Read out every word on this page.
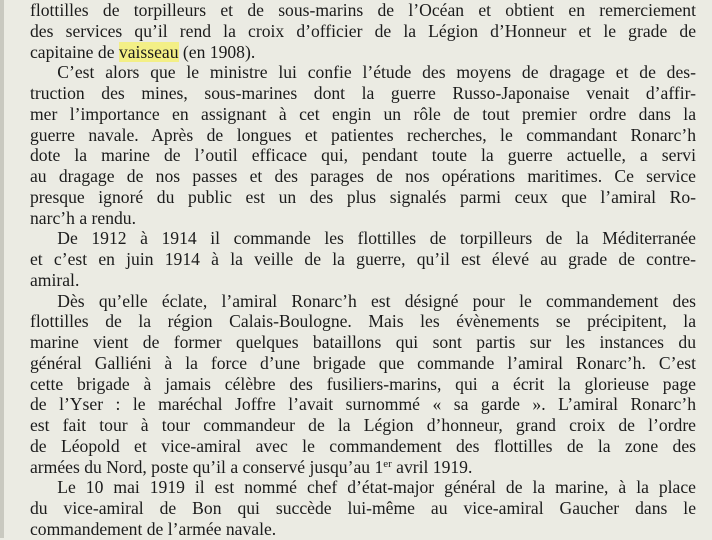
flottilles de torpilleurs et de sous-marins de l’Océan et obtient en remerciement
des services qu’il rend la croix d’officier de la Légion d’Honneur et le grade de
capitaine de vaisseau (en 1908).

C’est alors que le ministre lui confie l’étude des moyens de dragage et de des-
truction des mines, sous-marines dont la guerre Russo-Japonaise venait d’affir-
mer l’importance en assignant à cet engin un rôle de tout premier ordre dans la
guerre navale. Après de longues et patientes recherches, le commandant Ronarc’h
dote la marine de l’outil efficace qui, pendant toute la guerre actuelle, a servi
au dragage de nos passes et des parages de nos opérations maritimes. Ce service
presque ignoré du public est un des plus signalés parmi ceux que l’amiral Ro-
narc’h a rendu.

De 1912 à 1914 il commande les flottilles de torpilleurs de la Méditerranée
et c’est en juin 1914 à la veille de la guerre, qu’il est élevé au grade de contre-
amiral.

Dès qu’elle éclate, l’amiral Ronarc’h est désigné pour le commandement des
flottilles de la région Calais-Boulogne. Mais les évènements se précipitent, la
marine vient de former quelques bataillons qui sont partis sur les instances du
général Galliéni à la force d’une brigade que commande l’amiral Ronarc’h. C’est
cette brigade à jamais célèbre des fusiliers-marins, qui a écrit la glorieuse page
de l’Yser : le maréchal Joffre l’avait surnommé « sa garde ». L’amiral Ronarc’h
est fait tour à tour commandeur de la Légion d’honneur, grand croix de l’ordre
de Léopold et vice-amiral avec le commandement des flottilles de la zone des
armées du Nord, poste qu’il a conservé jusqu’au 1er avril 1919.

Le 10 mai 1919 il est nommé chef d’état-major général de la marine, à la place
du vice-amiral de Bon qui succède lui-même au vice-amiral Gaucher dans le
commandement de l’armée navale.
